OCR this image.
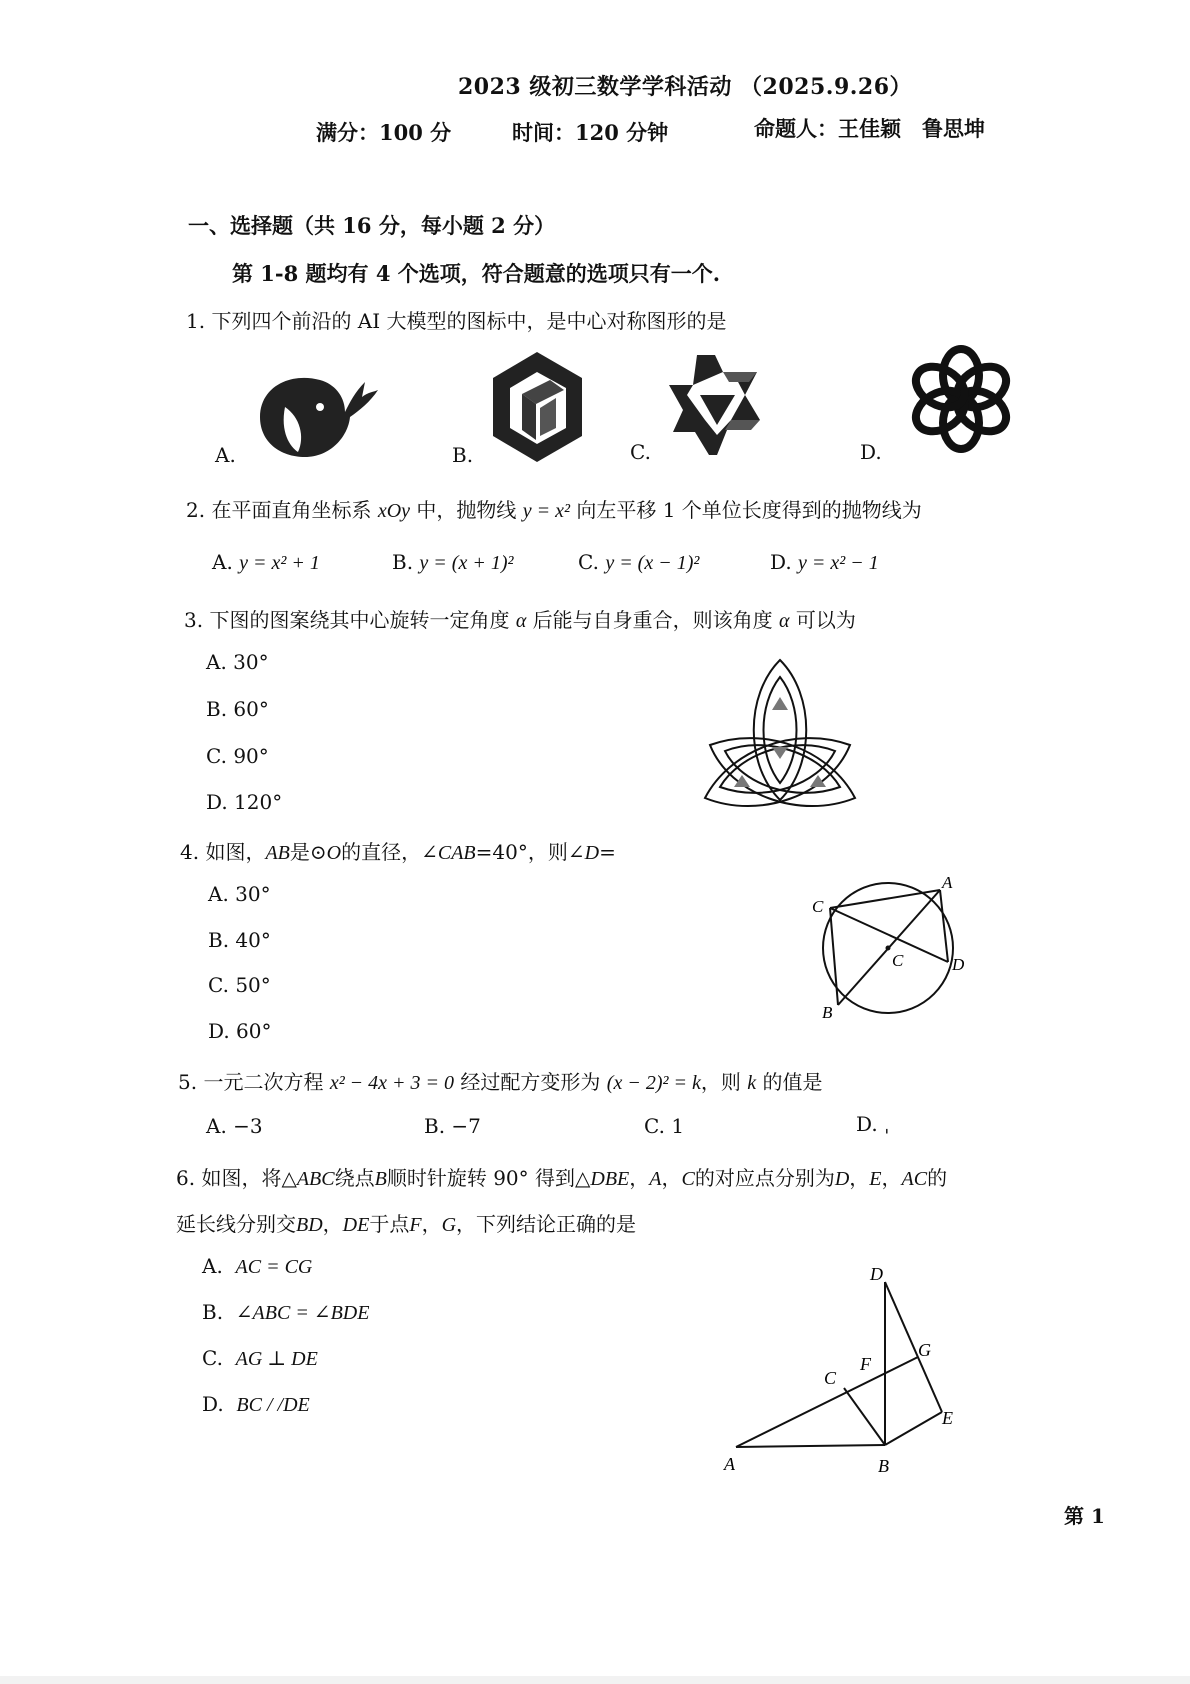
2023 级初三数学学科活动 （2025.9.26）
满分：100 分	时间：120 分钟	命题人：王佳颖　鲁思坤
一、选择题（共 16 分，每小题 2 分）
第 1-8 题均有 4 个选项，符合题意的选项只有一个.
1. 下列四个前沿的 AI 大模型的图标中，是中心对称图形的是
A.	B.	C.	D.
2. 在平面直角坐标系 xOy 中，抛物线 y = x² 向左平移 1 个单位长度得到的抛物线为
A. y = x² + 1	B. y = (x + 1)²	C. y = (x − 1)²	D. y = x² − 1
3. 下图的图案绕其中心旋转一定角度 α 后能与自身重合，则该角度 α 可以为
A. 30°
B. 60°
C. 90°
D. 120°
4. 如图，AB是⊙O的直径，∠CAB=40°，则∠D=
A. 30°
B. 40°
C. 50°
D. 60°
C
A
D
C
B
5. 一元二次方程 x² − 4x + 3 = 0 经过配方变形为 (x − 2)² = k，则 k 的值是
A. −3	B. −7	C. 1	D. ˌ
6. 如图，将△ABC绕点B顺时针旋转 90° 得到△DBE，A，C的对应点分别为D，E，AC的
延长线分别交BD，DE于点F，G，下列结论正确的是
A. AC = CG
B. ∠ABC = ∠BDE
C. AG ⊥ DE
D. BC / /DE
D
G
C
F
E
A	B
第 1
